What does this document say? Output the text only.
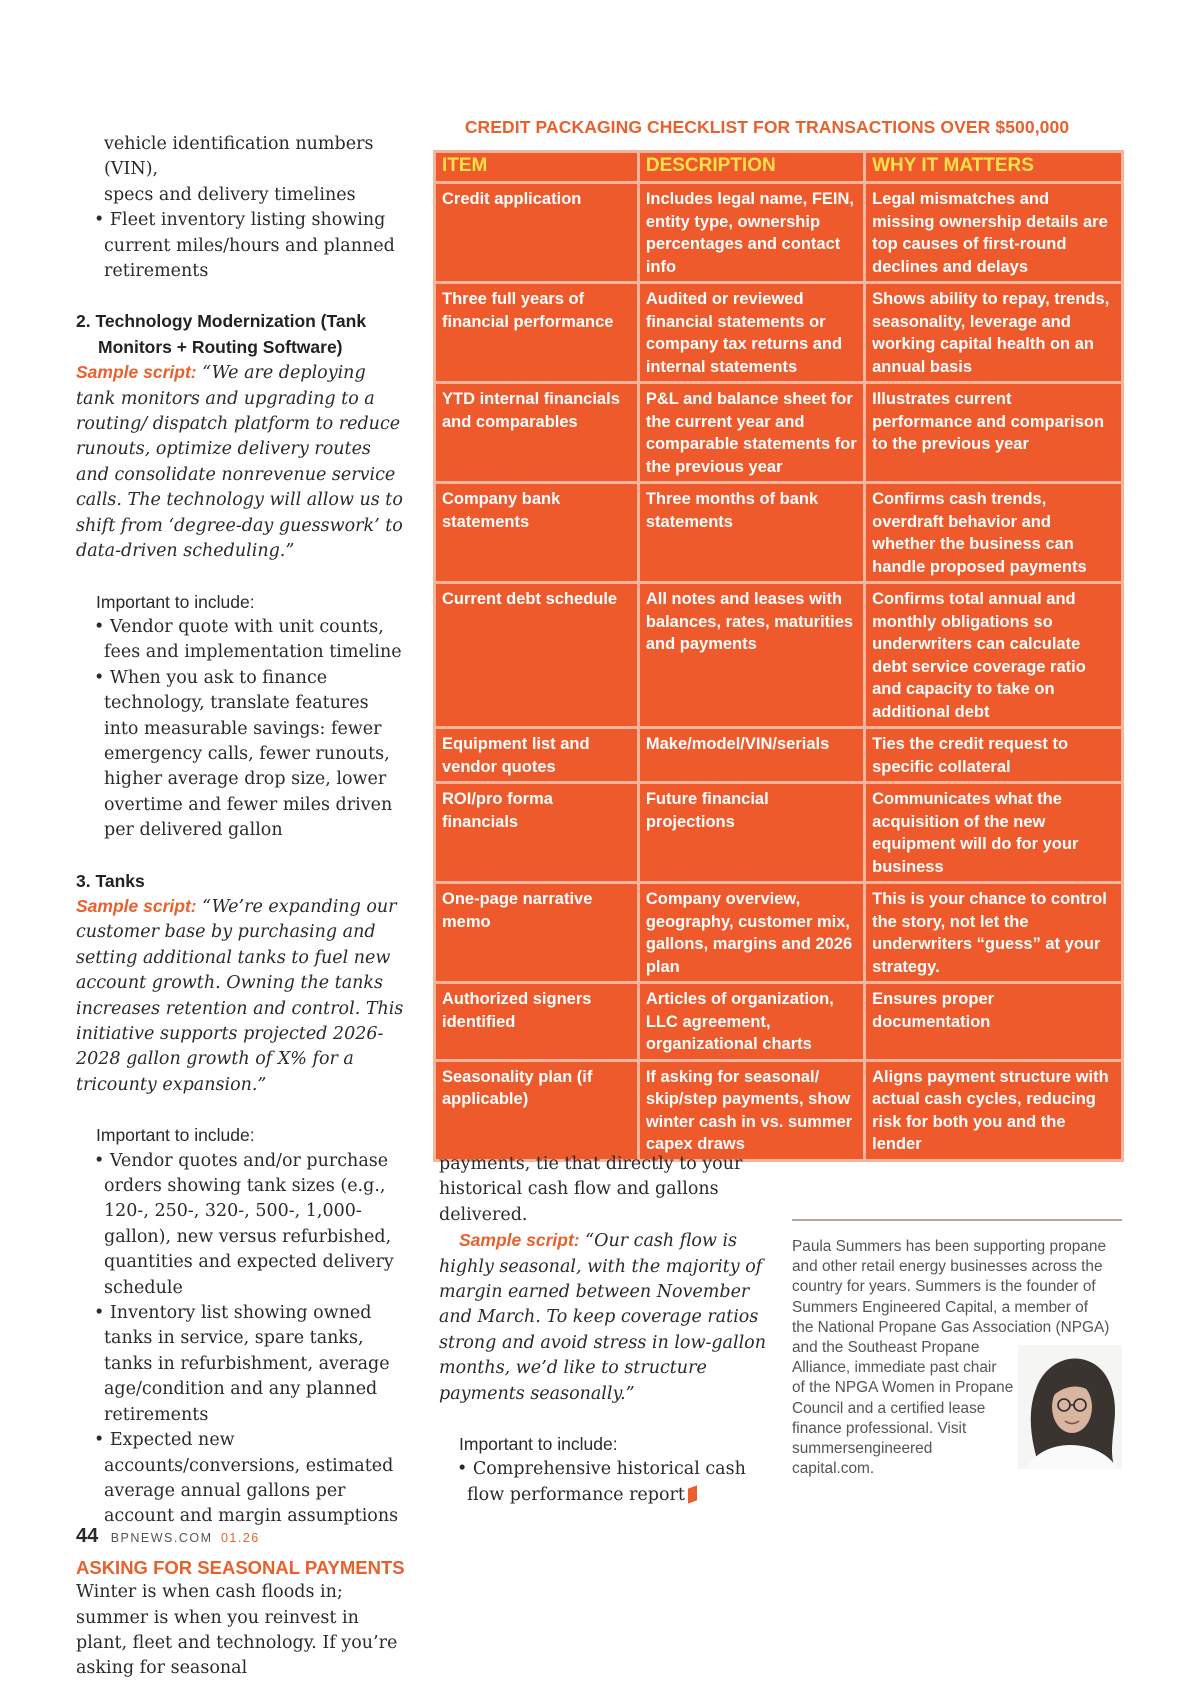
vehicle identification numbers (VIN),

specs and delivery timelines

• Fleet inventory listing showing current miles/hours and planned retirements

2. Technology Modernization (Tank
Monitors + Routing Software)

Sample script: “We are deploying tank monitors and upgrading to a routing/ dispatch platform to reduce runouts, optimize delivery routes and consolidate nonrevenue service calls. The technology will allow us to shift from ‘degree-day guesswork’ to data-driven scheduling.”

Important to include:

• Vendor quote with unit counts, fees and implementation timeline

• When you ask to finance technology, translate features into measurable savings: fewer emergency calls, fewer runouts, higher average drop size, lower overtime and fewer miles driven per delivered gallon

3. Tanks

Sample script: “We’re expanding our customer base by purchasing and setting additional tanks to fuel new account growth. Owning the tanks increases retention and control. This initiative supports projected 2026-2028 gallon growth of X% for a tricounty expansion.”

Important to include:

• Vendor quotes and/or purchase orders showing tank sizes (e.g., 120-, 250-, 320-, 500-, 1,000-gallon), new versus refurbished, quantities and expected delivery schedule

• Inventory list showing owned tanks in service, spare tanks, tanks in refurbishment, average age/condition and any planned retirements

• Expected new accounts/conversions, estimated average annual gallons per account and margin assumptions

ASKING FOR SEASONAL PAYMENTS

Winter is when cash floods in; summer is when you reinvest in plant, fleet and technology. If you’re asking for seasonal

CREDIT PACKAGING CHECKLIST FOR TRANSACTIONS OVER $500,000
ITEM	DESCRIPTION	WHY IT MATTERS
Credit application	Includes legal name, FEIN, entity type, ownership percentages and contact info	Legal mismatches and missing ownership details are top causes of first-round declines and delays
Three full years of financial performance	Audited or reviewed financial statements or company tax returns and internal statements	Shows ability to repay, trends, seasonality, leverage and working capital health on an annual basis
YTD internal financials and comparables	P&L and balance sheet for the current year and comparable statements for the previous year	Illustrates current performance and comparison to the previous year
Company bank statements	Three months of bank statements	Confirms cash trends, overdraft behavior and whether the business can handle proposed payments
Current debt schedule	All notes and leases with balances, rates, maturities and payments	Confirms total annual and monthly obligations so underwriters can calculate debt service coverage ratio and capacity to take on additional debt
Equipment list and vendor quotes	Make/model/VIN/serials	Ties the credit request to specific collateral
ROI/pro forma financials	Future financial projections	Communicates what the acquisition of the new equipment will do for your business
One-page narrative memo	Company overview, geography, customer mix, gallons, margins and 2026 plan	This is your chance to control the story, not let the underwriters “guess” at your strategy.
Authorized signers identified	Articles of organization, LLC agreement, organizational charts	Ensures proper documentation
Seasonality plan (if applicable)	If asking for seasonal/ skip/step payments, show winter cash in vs. summer capex draws	Aligns payment structure with actual cash cycles, reducing risk for both you and the lender

payments, tie that directly to your historical cash flow and gallons delivered.

Sample script: “Our cash flow is highly seasonal, with the majority of margin earned between November and March. To keep coverage ratios strong and avoid stress in low-gallon months, we’d like to structure payments seasonally.”

Important to include:

• Comprehensive historical cash flow performance report

Paula Summers has been supporting propane
and other retail energy businesses across the
country for years. Summers is the founder of
Summers Engineered Capital, a member of
the National Propane Gas Association (NPGA)
and the Southeast Propane
Alliance, immediate past chair
of the NPGA Women in Propane
Council and a certified lease
finance professional. Visit
summersengineered
capital.com.
44 BPNEWS.COM 01.26
